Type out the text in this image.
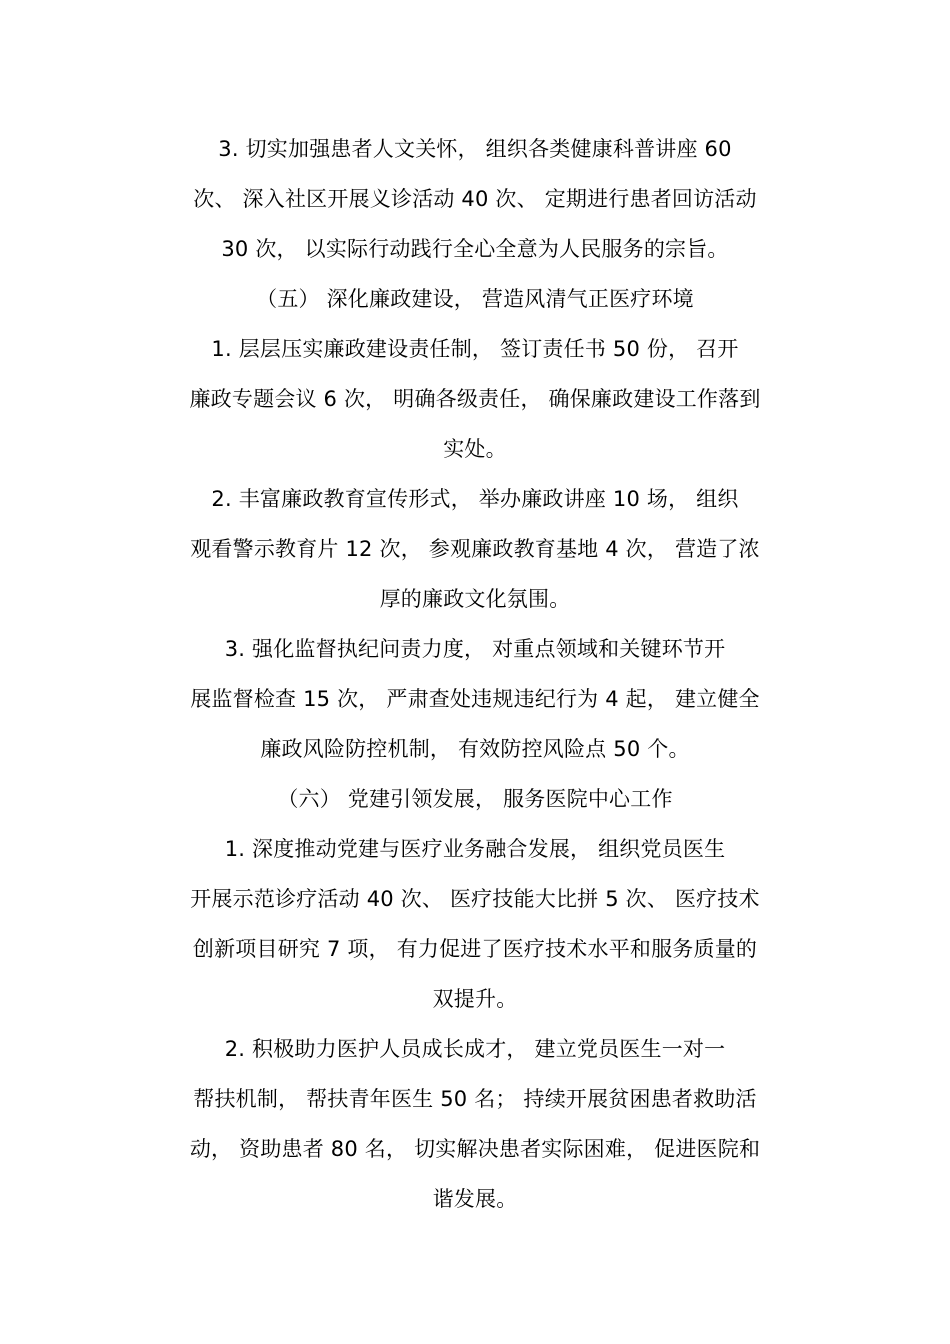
3. 切实加强患者人文关怀， 组织各类健康科普讲座 60
次、 深入社区开展义诊活动 40 次、 定期进行患者回访活动
30 次， 以实际行动践行全心全意为人民服务的宗旨。
（五） 深化廉政建设， 营造风清气正医疗环境
1. 层层压实廉政建设责任制， 签订责任书 50 份， 召开
廉政专题会议 6 次， 明确各级责任， 确保廉政建设工作落到
实处。
2. 丰富廉政教育宣传形式， 举办廉政讲座 10 场， 组织
观看警示教育片 12 次， 参观廉政教育基地 4 次， 营造了浓
厚的廉政文化氛围。
3. 强化监督执纪问责力度， 对重点领域和关键环节开
展监督检查 15 次， 严肃查处违规违纪行为 4 起， 建立健全
廉政风险防控机制， 有效防控风险点 50 个。
（六） 党建引领发展， 服务医院中心工作
1. 深度推动党建与医疗业务融合发展， 组织党员医生
开展示范诊疗活动 40 次、 医疗技能大比拼 5 次、 医疗技术
创新项目研究 7 项， 有力促进了医疗技术水平和服务质量的
双提升。
2. 积极助力医护人员成长成才， 建立党员医生一对一
帮扶机制， 帮扶青年医生 50 名； 持续开展贫困患者救助活
动， 资助患者 80 名， 切实解决患者实际困难， 促进医院和
谐发展。
